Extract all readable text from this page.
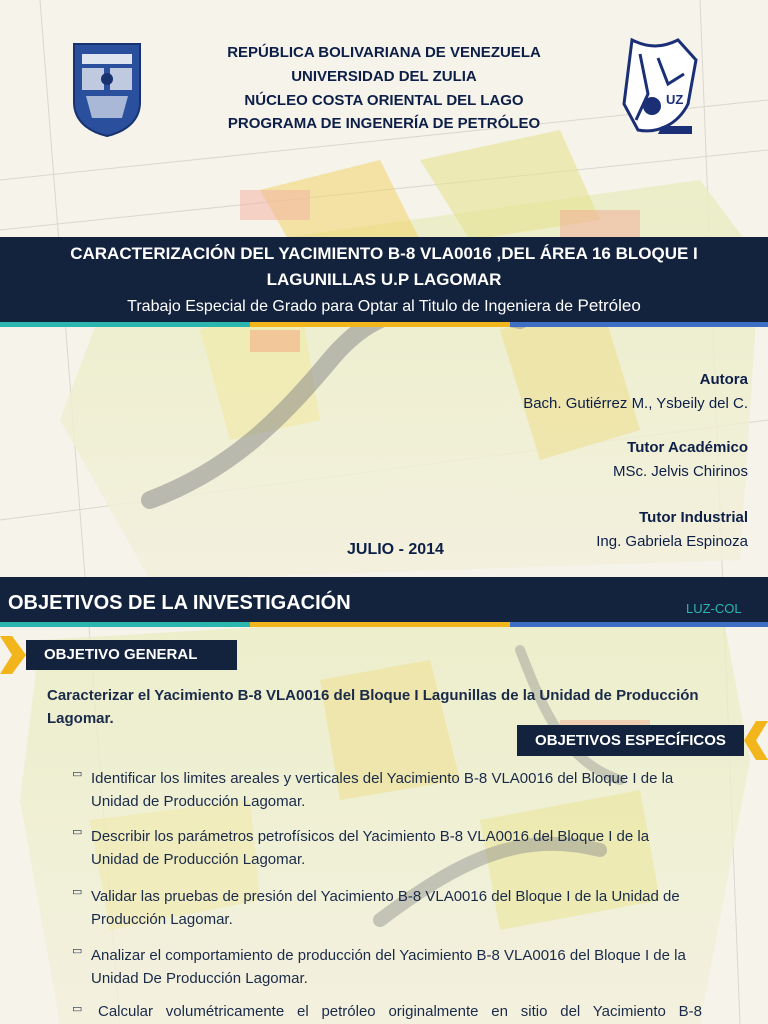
REPÚBLICA BOLIVARIANA DE VENEZUELA
UNIVERSIDAD DEL ZULIA
NÚCLEO COSTA ORIENTAL DEL LAGO
PROGRAMA DE INGENERÍA DE PETRÓLEO
UZ
CARACTERIZACIÓN DEL YACIMIENTO B-8 VLA0016 ,DEL ÁREA 16 BLOQUE I
LAGUNILLAS U.P LAGOMAR
Trabajo Especial de Grado para Optar al Titulo de Ingeniera de Petróleo
Autora
Bach. Gutiérrez M., Ysbeily del C.
Tutor Académico
MSc. Jelvis Chirinos
Tutor Industrial
Ing. Gabriela Espinoza
JULIO - 2014
OBJETIVOS DE LA INVESTIGACIÓN	LUZ-COL
OBJETIVO GENERAL
Caracterizar el Yacimiento B-8 VLA0016 del Bloque I Lagunillas de la Unidad de Producción Lagomar.
OBJETIVOS ESPECÍFICOS
▭ Identificar los limites areales y verticales del Yacimiento B-8 VLA0016 del Bloque I de la Unidad de Producción Lagomar.
▭ Describir los parámetros petrofísicos del Yacimiento B-8 VLA0016 del Bloque I de la Unidad de Producción Lagomar.
▭ Validar las pruebas de presión del Yacimiento B-8 VLA0016 del Bloque I de la Unidad de Producción Lagomar.
▭ Analizar el comportamiento de producción del Yacimiento B-8 VLA0016 del Bloque I de la Unidad De Producción Lagomar.
▭ Calcular volumétricamente el petróleo originalmente en sitio del Yacimiento B-8
